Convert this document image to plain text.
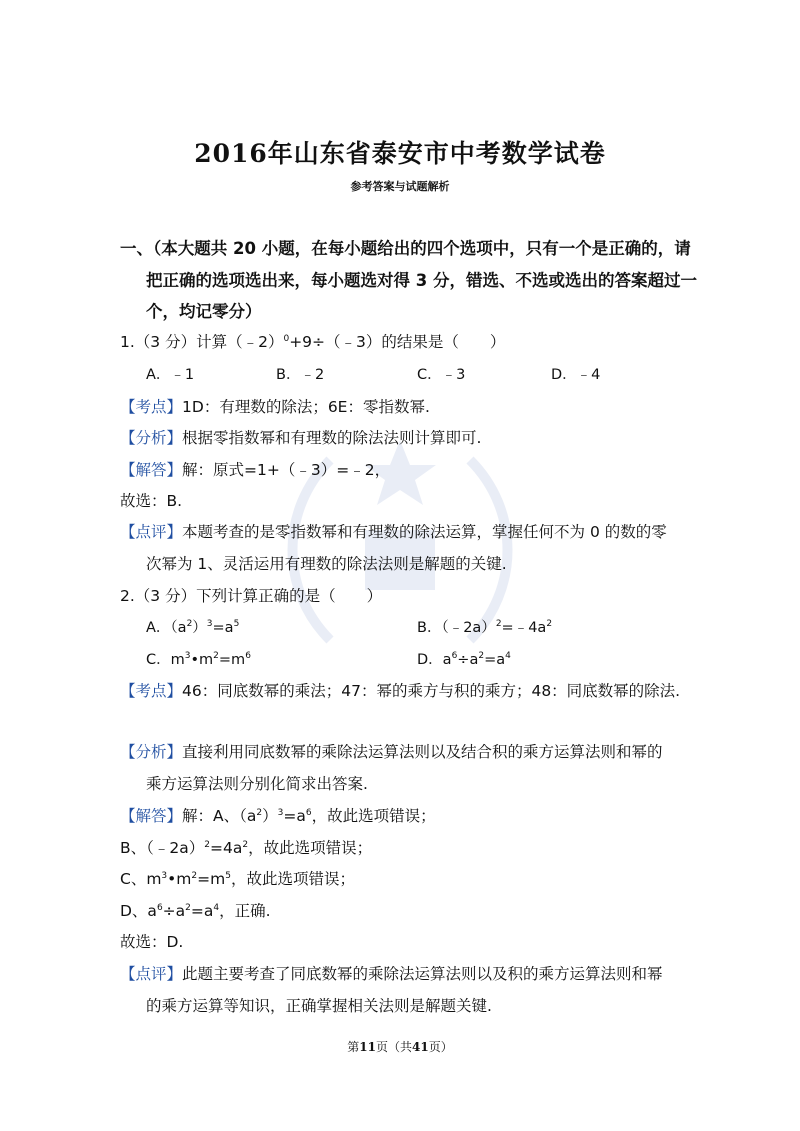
2016年山东省泰安市中考数学试卷
参考答案与试题解析
一、（本大题共 20 小题，在每小题给出的四个选项中，只有一个是正确的，请
把正确的选项选出来，每小题选对得 3 分，错选、不选或选出的答案超过一
个，均记零分）
1.（3 分）计算（﹣2）$^0$+9÷（﹣3）的结果是（　　）
A．﹣1	B．﹣2	C．﹣3	D．﹣4
【考点】1D：有理数的除法；6E：零指数幂.
【分析】根据零指数幂和有理数的除法法则计算即可.
【解答】解：原式=1+（﹣3）=﹣2，
故选：B.
【点评】本题考查的是零指数幂和有理数的除法运算，掌握任何不为 0 的数的零
次幂为 1、灵活运用有理数的除法法则是解题的关键.
2.（3 分）下列计算正确的是（　　）
A．$(a^2)^3=a^5$	B．$(﹣2a)^2=﹣4a^2$
C．$m^3•m^2=m^6$	D．$a^6\div a^2=a^4$
【考点】46：同底数幂的乘法；47：幂的乘方与积的乘方；48：同底数幂的除法.
【分析】直接利用同底数幂的乘除法运算法则以及结合积的乘方运算法则和幂的
乘方运算法则分别化简求出答案.
【解答】解：A、$(a^2)^3=a^6$，故此选项错误；
B、$(﹣2a)^2=4a^2$，故此选项错误；
C、$m^3•m^2=m^5$，故此选项错误；
D、$a^6\div a^2=a^4$，正确.
故选：D.
【点评】此题主要考查了同底数幂的乘除法运算法则以及积的乘方运算法则和幂
的乘方运算等知识，正确掌握相关法则是解题关键.
第11页（共41页）
